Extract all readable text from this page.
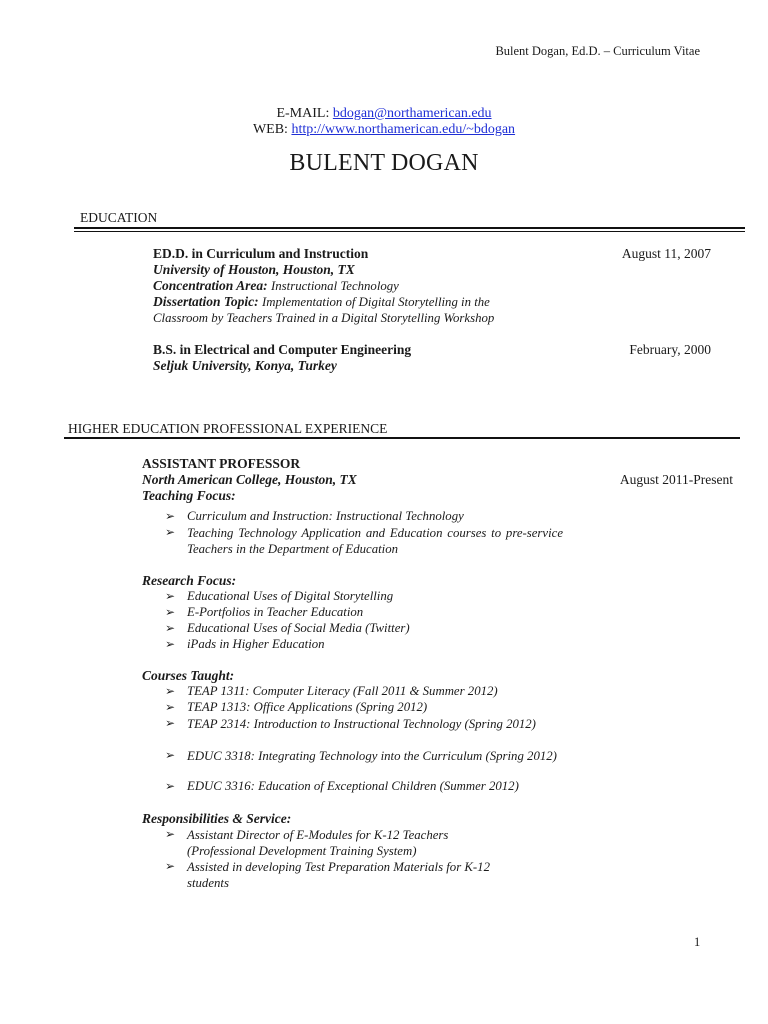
Bulent Dogan, Ed.D. – Curriculum Vitae
E-MAIL: bdogan@northamerican.edu
WEB: http://www.northamerican.edu/~bdogan
BULENT DOGAN
EDUCATION
ED.D. in Curriculum and Instruction	August 11, 2007
University of Houston, Houston, TX
Concentration Area: Instructional Technology
Dissertation Topic: Implementation of Digital Storytelling in the
Classroom by Teachers Trained in a Digital Storytelling Workshop
B.S. in Electrical and Computer Engineering	February, 2000
Seljuk University, Konya, Turkey
HIGHER EDUCATION PROFESSIONAL EXPERIENCE
ASSISTANT PROFESSOR
North American College, Houston, TX	August 2011-Present
Teaching Focus:
➢ Curriculum and Instruction: Instructional Technology
➢ Teaching Technology Application and Education courses to pre-service Teachers in the Department of Education
Research Focus:
➢ Educational Uses of Digital Storytelling
➢ E-Portfolios in Teacher Education
➢ Educational Uses of Social Media (Twitter)
➢ iPads in Higher Education
Courses Taught:
➢ TEAP 1311: Computer Literacy (Fall 2011 & Summer 2012)
➢ TEAP 1313: Office Applications (Spring 2012)
➢ TEAP 2314: Introduction to Instructional Technology (Spring 2012)
➢ EDUC 3318: Integrating Technology into the Curriculum (Spring 2012)
➢ EDUC 3316: Education of Exceptional Children (Summer 2012)
Responsibilities & Service:
➢ Assistant Director of E-Modules for K-12 Teachers (Professional Development Training System)
➢ Assisted in developing Test Preparation Materials for K-12 students
1
